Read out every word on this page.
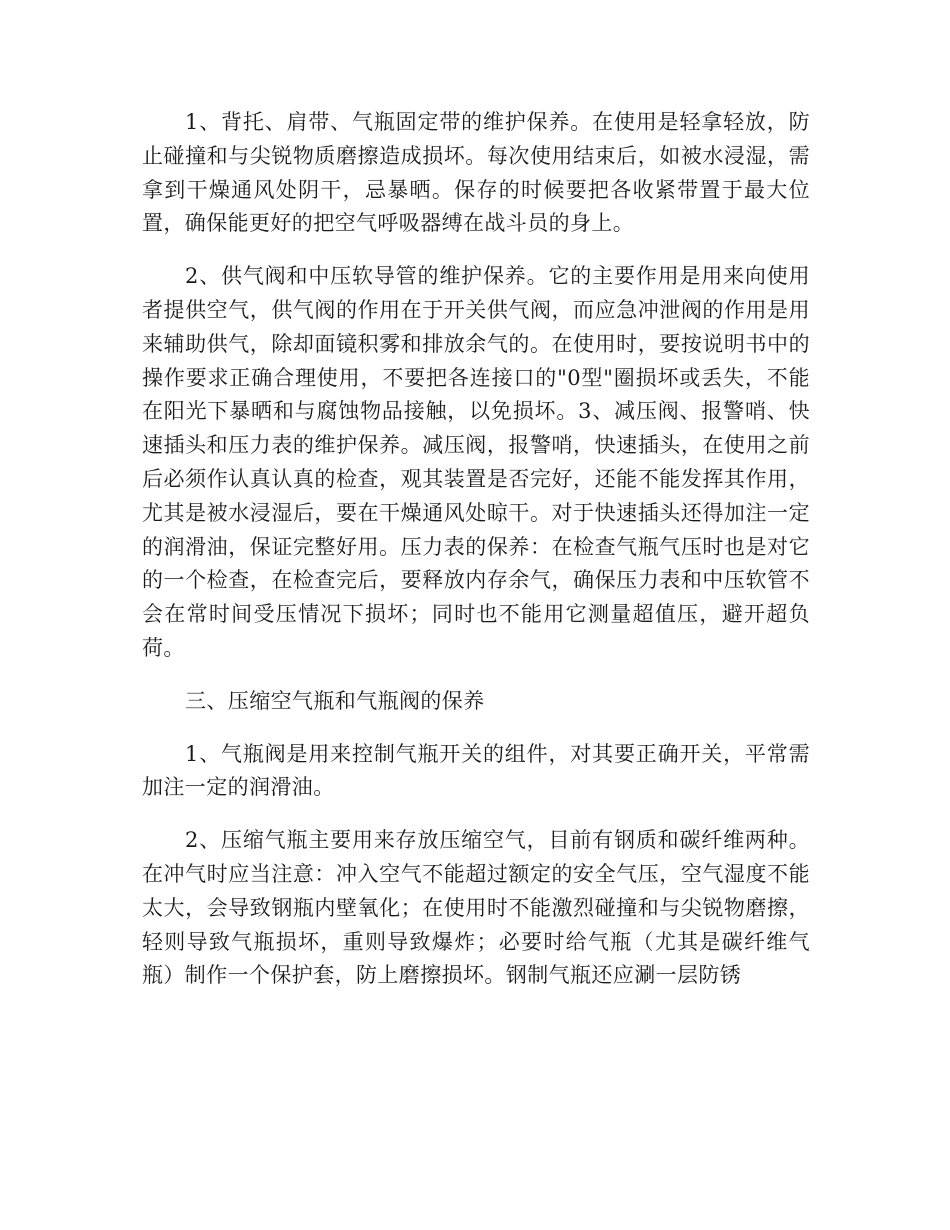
1、背托、肩带、气瓶固定带的维护保养。在使用是轻拿轻放，防止碰撞和与尖锐物质磨擦造成损坏。每次使用结束后，如被水浸湿，需拿到干燥通风处阴干，忌暴晒。保存的时候要把各收紧带置于最大位置，确保能更好的把空气呼吸器缚在战斗员的身上。

2、供气阀和中压软导管的维护保养。它的主要作用是用来向使用者提供空气，供气阀的作用在于开关供气阀，而应急冲泄阀的作用是用来辅助供气，除却面镜积雾和排放余气的。在使用时，要按说明书中的操作要求正确合理使用，不要把各连接口的"0型"圈损坏或丢失，不能在阳光下暴晒和与腐蚀物品接触，以免损坏。3、减压阀、报警哨、快速插头和压力表的维护保养。减压阀，报警哨，快速插头，在使用之前后必须作认真认真的检查，观其装置是否完好，还能不能发挥其作用，尤其是被水浸湿后，要在干燥通风处晾干。对于快速插头还得加注一定的润滑油，保证完整好用。压力表的保养：在检查气瓶气压时也是对它的一个检查，在检查完后，要释放内存余气，确保压力表和中压软管不会在常时间受压情况下损坏；同时也不能用它测量超值压，避开超负荷。

三、压缩空气瓶和气瓶阀的保养

1、气瓶阀是用来控制气瓶开关的组件，对其要正确开关，平常需加注一定的润滑油。

2、压缩气瓶主要用来存放压缩空气，目前有钢质和碳纤维两种。在冲气时应当注意：冲入空气不能超过额定的安全气压，空气湿度不能太大，会导致钢瓶内壁氧化；在使用时不能激烈碰撞和与尖锐物磨擦，轻则导致气瓶损坏，重则导致爆炸；必要时给气瓶（尤其是碳纤维气瓶）制作一个保护套，防上磨擦损坏。钢制气瓶还应涮一层防锈
